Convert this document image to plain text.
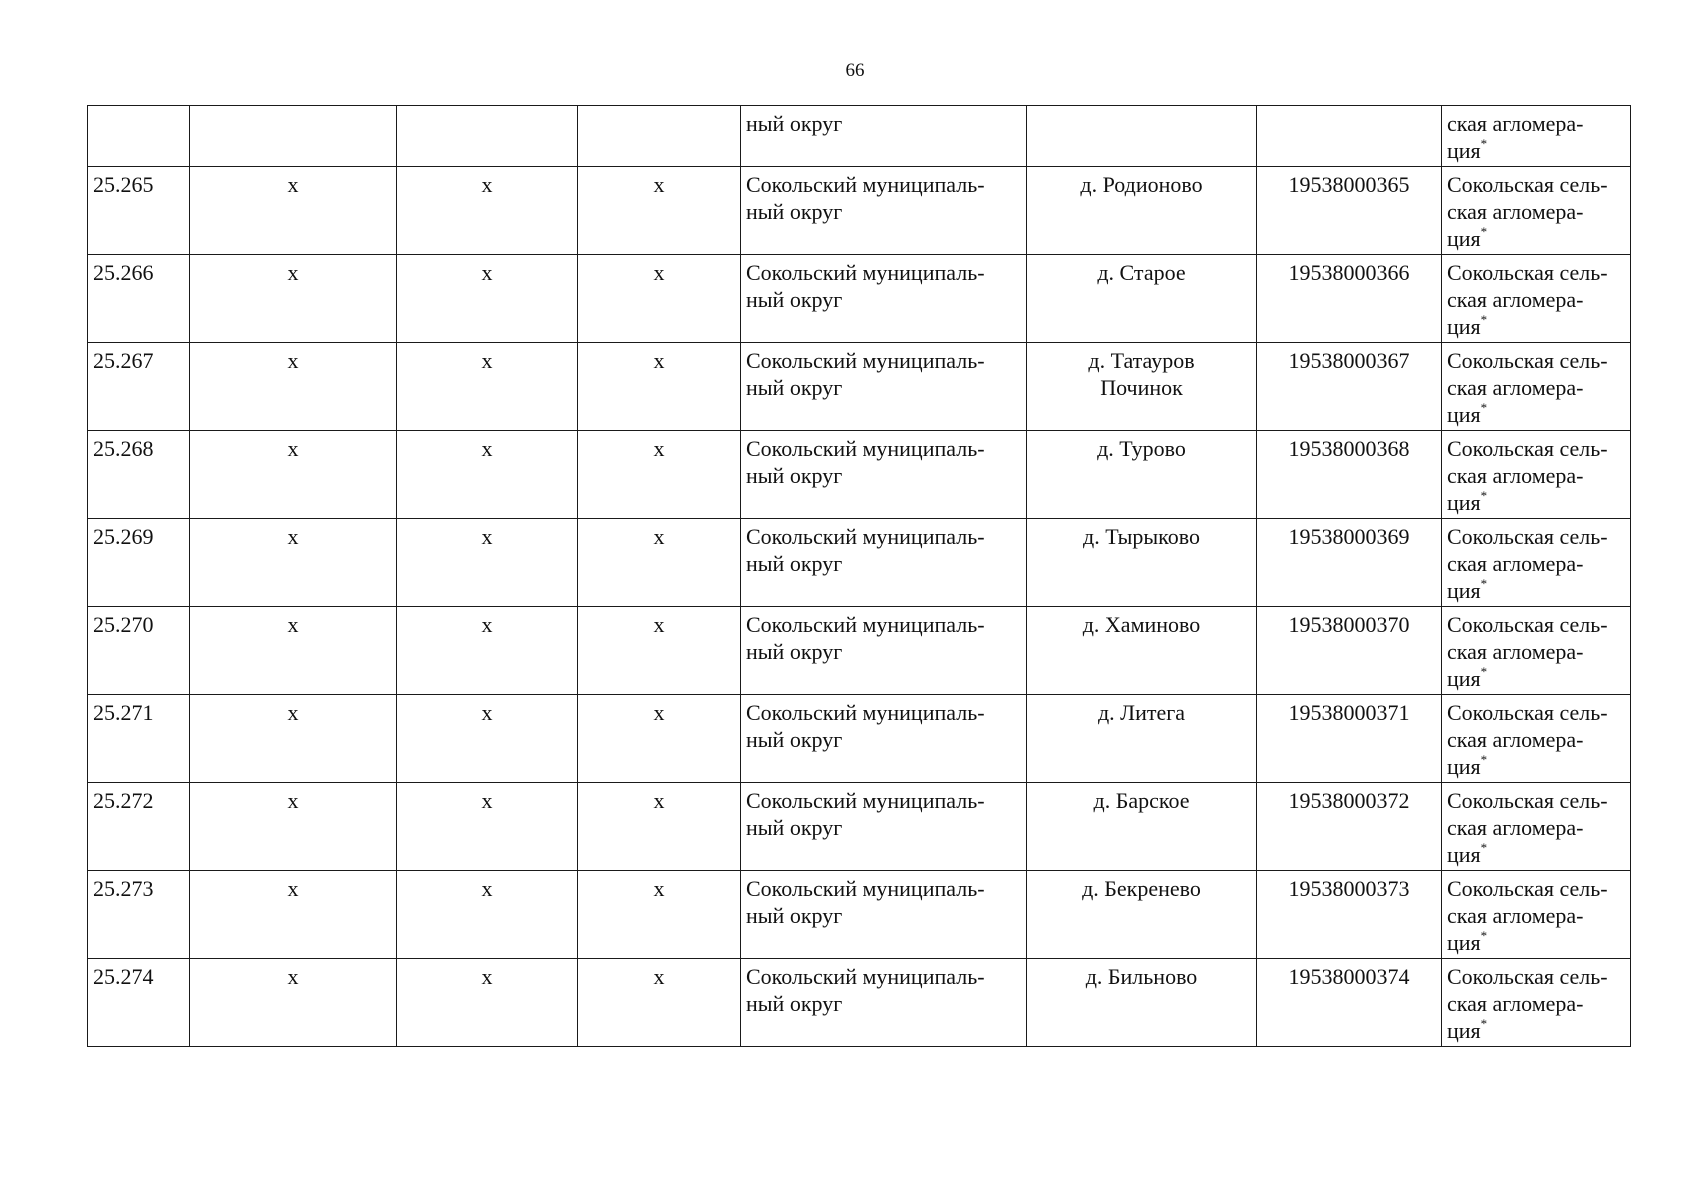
66

				ный округ			ская агломера-
ция*

25.265	х	х	х	Сокольский муниципаль-
ный округ	д. Родионово	19538000365	Сокольская сель-
ская агломера-
ция*

25.266	х	х	х	Сокольский муниципаль-
ный округ	д. Старое	19538000366	Сокольская сель-
ская агломера-
ция*

25.267	х	х	х	Сокольский муниципаль-
ный округ	д. Татауров
Починок	19538000367	Сокольская сель-
ская агломера-
ция*

25.268	х	х	х	Сокольский муниципаль-
ный округ	д. Турово	19538000368	Сокольская сель-
ская агломера-
ция*

25.269	х	х	х	Сокольский муниципаль-
ный округ	д. Тырыково	19538000369	Сокольская сель-
ская агломера-
ция*

25.270	х	х	х	Сокольский муниципаль-
ный округ	д. Хаминово	19538000370	Сокольская сель-
ская агломера-
ция*

25.271	х	х	х	Сокольский муниципаль-
ный округ	д. Литега	19538000371	Сокольская сель-
ская агломера-
ция*

25.272	х	х	х	Сокольский муниципаль-
ный округ	д. Барское	19538000372	Сокольская сель-
ская агломера-
ция*

25.273	х	х	х	Сокольский муниципаль-
ный округ	д. Бекренево	19538000373	Сокольская сель-
ская агломера-
ция*

25.274	х	х	х	Сокольский муниципаль-
ный округ	д. Бильново	19538000374	Сокольская сель-
ская агломера-
ция*
